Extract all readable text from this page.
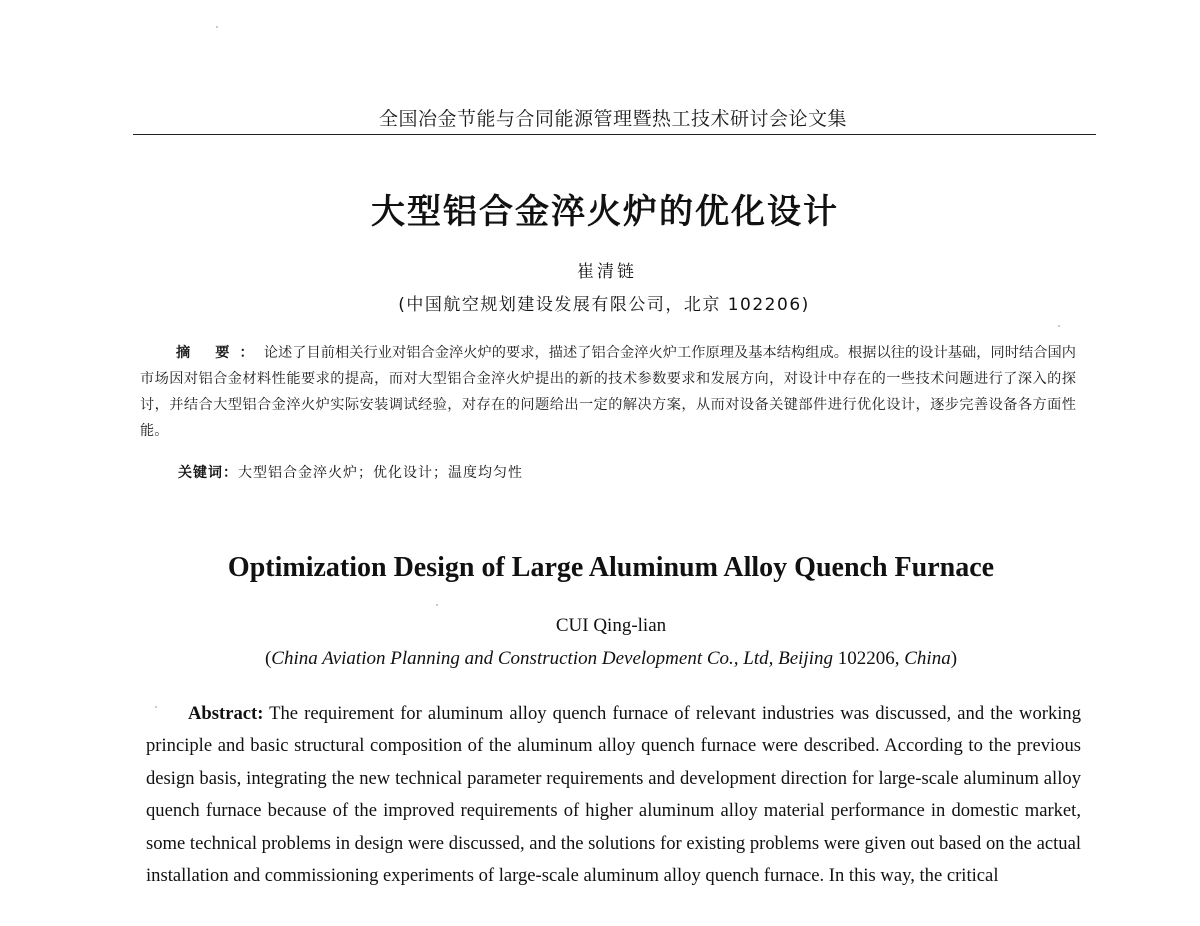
全国冶金节能与合同能源管理暨热工技术研讨会论文集
大型铝合金淬火炉的优化设计
崔清链
(中国航空规划建设发展有限公司，北京 102206)
摘 要：论述了目前相关行业对铝合金淬火炉的要求，描述了铝合金淬火炉工作原理及基本结构组成。根据以往的设计基础，同时结合国内市场因对铝合金材料性能要求的提高，而对大型铝合金淬火炉提出的新的技术参数要求和发展方向，对设计中存在的一些技术问题进行了深入的探讨，并结合大型铝合金淬火炉实际安装调试经验，对存在的问题给出一定的解决方案，从而对设备关键部件进行优化设计，逐步完善设备各方面性能。
关键词：大型铝合金淬火炉；优化设计；温度均匀性
Optimization Design of Large Aluminum Alloy Quench Furnace
CUI Qing-lian
(China Aviation Planning and Construction Development Co., Ltd, Beijing 102206, China)
Abstract: The requirement for aluminum alloy quench furnace of relevant industries was discussed, and the working principle and basic structural composition of the aluminum alloy quench furnace were described. According to the previous design basis, integrating the new technical parameter requirements and development direction for large-scale aluminum alloy quench furnace because of the improved requirements of higher aluminum alloy material performance in domestic market, some technical problems in design were discussed, and the solutions for existing problems were given out based on the actual installation and commissioning experiments of large-scale aluminum alloy quench furnace. In this way, the critical
